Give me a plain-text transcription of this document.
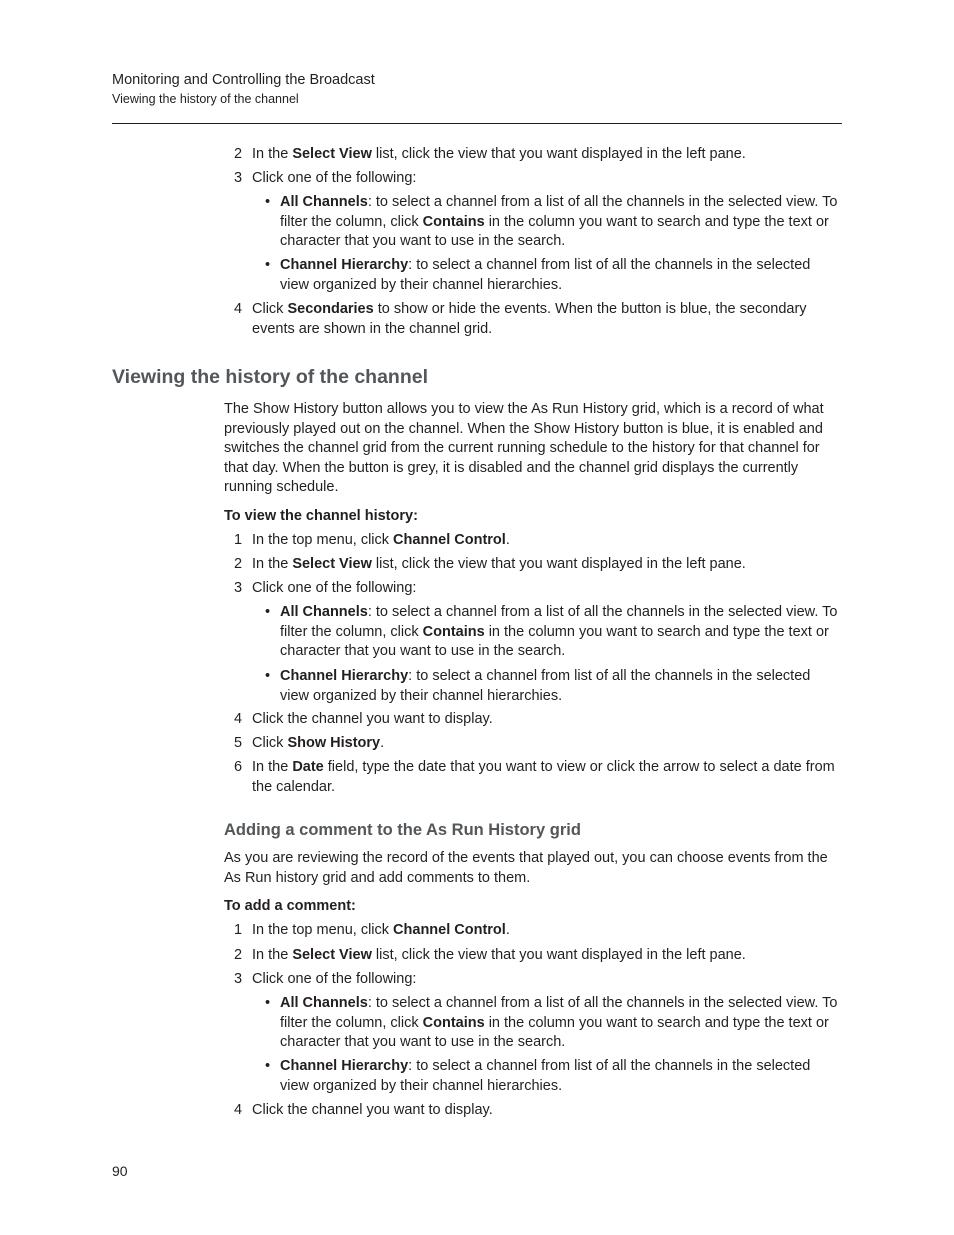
Monitoring and Controlling the Broadcast
Viewing the history of the channel
2 In the Select View list, click the view that you want displayed in the left pane.
3 Click one of the following:
• All Channels: to select a channel from a list of all the channels in the selected view. To filter the column, click Contains in the column you want to search and type the text or character that you want to use in the search.
• Channel Hierarchy: to select a channel from list of all the channels in the selected view organized by their channel hierarchies.
4 Click Secondaries to show or hide the events. When the button is blue, the secondary events are shown in the channel grid.
Viewing the history of the channel
The Show History button allows you to view the As Run History grid, which is a record of what previously played out on the channel. When the Show History button is blue, it is enabled and switches the channel grid from the current running schedule to the history for that channel for that day. When the button is grey, it is disabled and the channel grid displays the currently running schedule.
To view the channel history:
1 In the top menu, click Channel Control.
2 In the Select View list, click the view that you want displayed in the left pane.
3 Click one of the following:
• All Channels: to select a channel from a list of all the channels in the selected view. To filter the column, click Contains in the column you want to search and type the text or character that you want to use in the search.
• Channel Hierarchy: to select a channel from list of all the channels in the selected view organized by their channel hierarchies.
4 Click the channel you want to display.
5 Click Show History.
6 In the Date field, type the date that you want to view or click the arrow to select a date from the calendar.
Adding a comment to the As Run History grid
As you are reviewing the record of the events that played out, you can choose events from the As Run history grid and add comments to them.
To add a comment:
1 In the top menu, click Channel Control.
2 In the Select View list, click the view that you want displayed in the left pane.
3 Click one of the following:
• All Channels: to select a channel from a list of all the channels in the selected view. To filter the column, click Contains in the column you want to search and type the text or character that you want to use in the search.
• Channel Hierarchy: to select a channel from list of all the channels in the selected view organized by their channel hierarchies.
4 Click the channel you want to display.
90
